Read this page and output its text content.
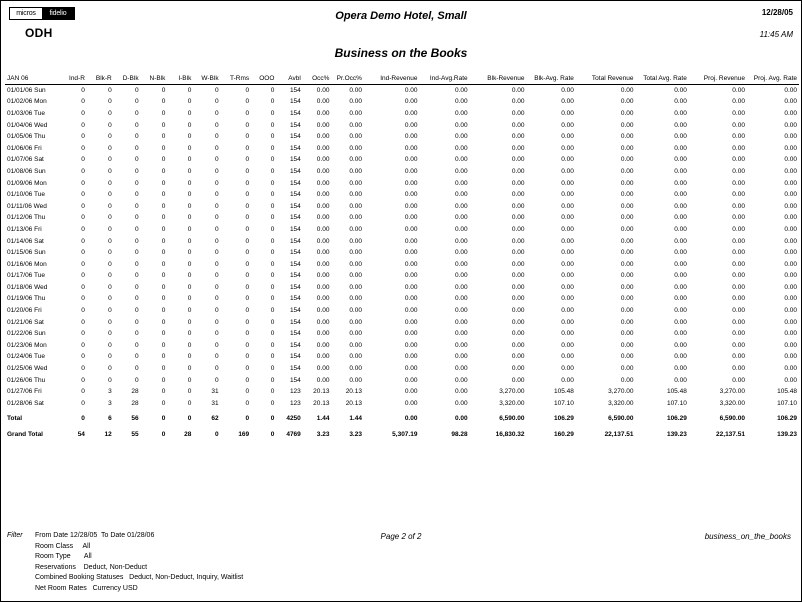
micros	fidelio
ODH
Opera Demo Hotel, Small
Business on the Books
12/28/05
11:45 AM
JAN 06	Ind-R	Blk-R	D-Blk	N-Blk	I-Blk	W-Blk	T-Rms	OOO	Avbl	Occ%	Pr.Occ%	Ind-Revenue	Ind-Avg.Rate	Blk-Revenue	Blk-Avg. Rate	Total Revenue	Total Avg. Rate	Proj. Revenue	Proj. Avg. Rate
01/01/06 Sun	0	0	0	0	0	0	0	0	154	0.00	0.00	0.00	0.00	0.00	0.00	0.00	0.00	0.00	0.00
01/02/06 Mon	0	0	0	0	0	0	0	0	154	0.00	0.00	0.00	0.00	0.00	0.00	0.00	0.00	0.00	0.00
01/03/06 Tue	0	0	0	0	0	0	0	0	154	0.00	0.00	0.00	0.00	0.00	0.00	0.00	0.00	0.00	0.00
01/04/06 Wed	0	0	0	0	0	0	0	0	154	0.00	0.00	0.00	0.00	0.00	0.00	0.00	0.00	0.00	0.00
01/05/06 Thu	0	0	0	0	0	0	0	0	154	0.00	0.00	0.00	0.00	0.00	0.00	0.00	0.00	0.00	0.00
01/06/06 Fri	0	0	0	0	0	0	0	0	154	0.00	0.00	0.00	0.00	0.00	0.00	0.00	0.00	0.00	0.00
01/07/06 Sat	0	0	0	0	0	0	0	0	154	0.00	0.00	0.00	0.00	0.00	0.00	0.00	0.00	0.00	0.00
01/08/06 Sun	0	0	0	0	0	0	0	0	154	0.00	0.00	0.00	0.00	0.00	0.00	0.00	0.00	0.00	0.00
01/09/06 Mon	0	0	0	0	0	0	0	0	154	0.00	0.00	0.00	0.00	0.00	0.00	0.00	0.00	0.00	0.00
01/10/06 Tue	0	0	0	0	0	0	0	0	154	0.00	0.00	0.00	0.00	0.00	0.00	0.00	0.00	0.00	0.00
01/11/06 Wed	0	0	0	0	0	0	0	0	154	0.00	0.00	0.00	0.00	0.00	0.00	0.00	0.00	0.00	0.00
01/12/06 Thu	0	0	0	0	0	0	0	0	154	0.00	0.00	0.00	0.00	0.00	0.00	0.00	0.00	0.00	0.00
01/13/06 Fri	0	0	0	0	0	0	0	0	154	0.00	0.00	0.00	0.00	0.00	0.00	0.00	0.00	0.00	0.00
01/14/06 Sat	0	0	0	0	0	0	0	0	154	0.00	0.00	0.00	0.00	0.00	0.00	0.00	0.00	0.00	0.00
01/15/06 Sun	0	0	0	0	0	0	0	0	154	0.00	0.00	0.00	0.00	0.00	0.00	0.00	0.00	0.00	0.00
01/16/06 Mon	0	0	0	0	0	0	0	0	154	0.00	0.00	0.00	0.00	0.00	0.00	0.00	0.00	0.00	0.00
01/17/06 Tue	0	0	0	0	0	0	0	0	154	0.00	0.00	0.00	0.00	0.00	0.00	0.00	0.00	0.00	0.00
01/18/06 Wed	0	0	0	0	0	0	0	0	154	0.00	0.00	0.00	0.00	0.00	0.00	0.00	0.00	0.00	0.00
01/19/06 Thu	0	0	0	0	0	0	0	0	154	0.00	0.00	0.00	0.00	0.00	0.00	0.00	0.00	0.00	0.00
01/20/06 Fri	0	0	0	0	0	0	0	0	154	0.00	0.00	0.00	0.00	0.00	0.00	0.00	0.00	0.00	0.00
01/21/06 Sat	0	0	0	0	0	0	0	0	154	0.00	0.00	0.00	0.00	0.00	0.00	0.00	0.00	0.00	0.00
01/22/06 Sun	0	0	0	0	0	0	0	0	154	0.00	0.00	0.00	0.00	0.00	0.00	0.00	0.00	0.00	0.00
01/23/06 Mon	0	0	0	0	0	0	0	0	154	0.00	0.00	0.00	0.00	0.00	0.00	0.00	0.00	0.00	0.00
01/24/06 Tue	0	0	0	0	0	0	0	0	154	0.00	0.00	0.00	0.00	0.00	0.00	0.00	0.00	0.00	0.00
01/25/06 Wed	0	0	0	0	0	0	0	0	154	0.00	0.00	0.00	0.00	0.00	0.00	0.00	0.00	0.00	0.00
01/26/06 Thu	0	0	0	0	0	0	0	0	154	0.00	0.00	0.00	0.00	0.00	0.00	0.00	0.00	0.00	0.00
01/27/06 Fri	0	3	28	0	0	31	0	0	123	20.13	20.13	0.00	0.00	3,270.00	105.48	3,270.00	105.48	3,270.00	105.48
01/28/06 Sat	0	3	28	0	0	31	0	0	123	20.13	20.13	0.00	0.00	3,320.00	107.10	3,320.00	107.10	3,320.00	107.10
Total	0	6	56	0	0	62	0	0	4250	1.44	1.44	0.00	0.00	6,590.00	106.29	6,590.00	106.29	6,590.00	106.29
Grand Total	54	12	55	0	28	0	169	0	4769	3.23	3.23	5,307.19	98.28	16,830.32	160.29	22,137.51	139.23	22,137.51	139.23
Filter From Date 12/28/05  To Date 01/28/06
Room Class     All
Room Type       All
Reservations    Deduct, Non-Deduct
Combined Booking Statuses   Deduct, Non-Deduct, Inquiry, Waitlist
Net Room Rates   Currency USD
Page 2 of 2	business_on_the_books
